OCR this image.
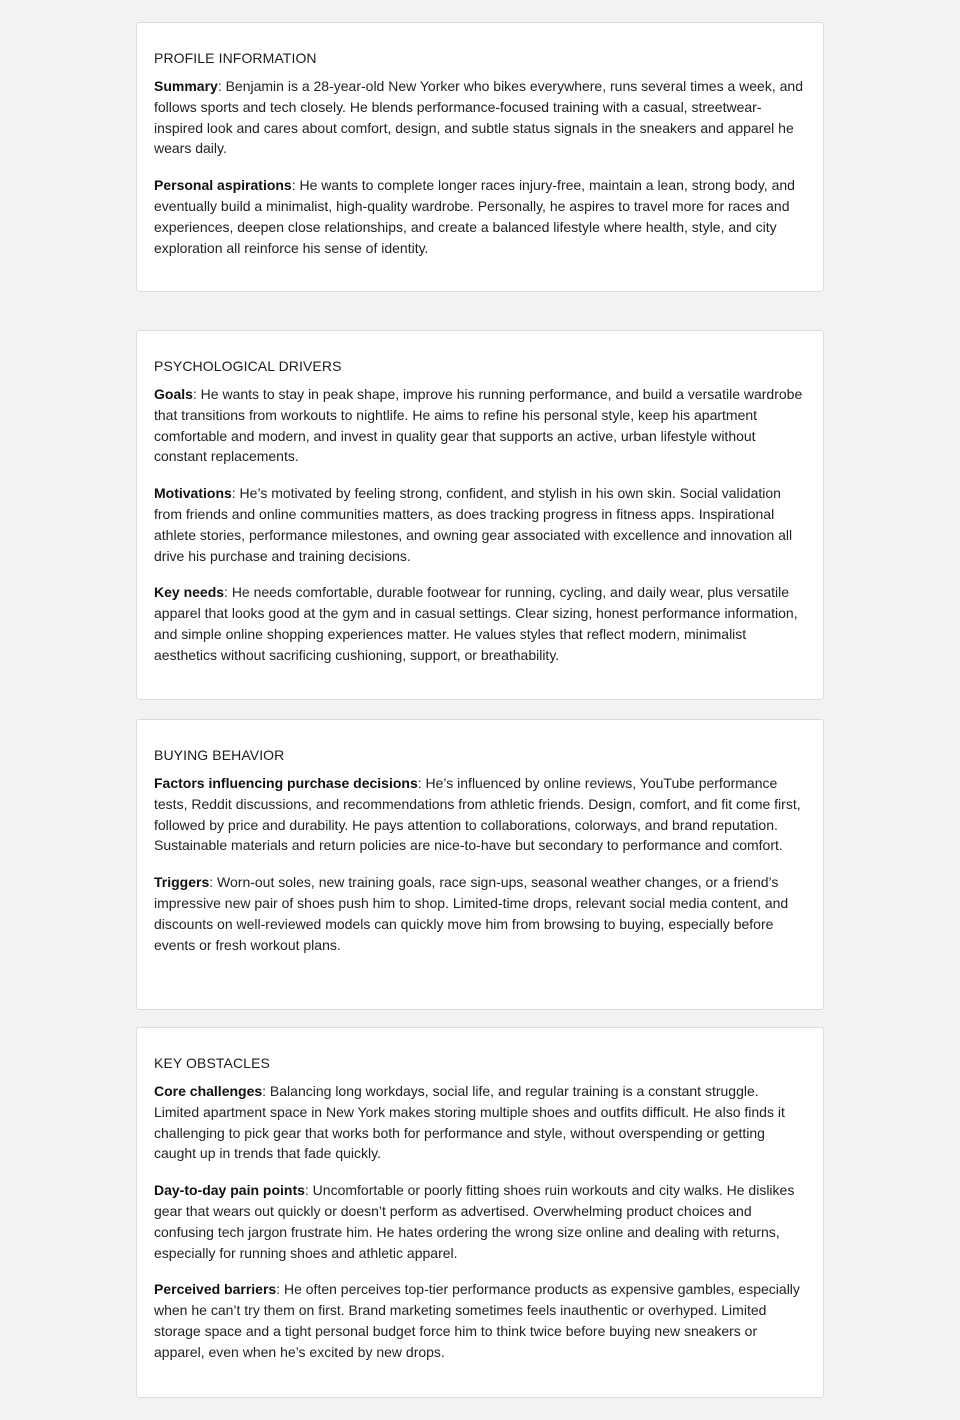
PROFILE INFORMATION

Summary: Benjamin is a 28-year-old New Yorker who bikes everywhere, runs several times a week, and follows sports and tech closely. He blends performance-focused training with a casual, streetwear-inspired look and cares about comfort, design, and subtle status signals in the sneakers and apparel he wears daily.

Personal aspirations: He wants to complete longer races injury-free, maintain a lean, strong body, and eventually build a minimalist, high-quality wardrobe. Personally, he aspires to travel more for races and experiences, deepen close relationships, and create a balanced lifestyle where health, style, and city exploration all reinforce his sense of identity.

PSYCHOLOGICAL DRIVERS

Goals: He wants to stay in peak shape, improve his running performance, and build a versatile wardrobe that transitions from workouts to nightlife. He aims to refine his personal style, keep his apartment comfortable and modern, and invest in quality gear that supports an active, urban lifestyle without constant replacements.

Motivations: He’s motivated by feeling strong, confident, and stylish in his own skin. Social validation from friends and online communities matters, as does tracking progress in fitness apps. Inspirational athlete stories, performance milestones, and owning gear associated with excellence and innovation all drive his purchase and training decisions.

Key needs: He needs comfortable, durable footwear for running, cycling, and daily wear, plus versatile apparel that looks good at the gym and in casual settings. Clear sizing, honest performance information, and simple online shopping experiences matter. He values styles that reflect modern, minimalist aesthetics without sacrificing cushioning, support, or breathability.

BUYING BEHAVIOR

Factors influencing purchase decisions: He’s influenced by online reviews, YouTube performance tests, Reddit discussions, and recommendations from athletic friends. Design, comfort, and fit come first, followed by price and durability. He pays attention to collaborations, colorways, and brand reputation. Sustainable materials and return policies are nice-to-have but secondary to performance and comfort.

Triggers: Worn-out soles, new training goals, race sign-ups, seasonal weather changes, or a friend’s impressive new pair of shoes push him to shop. Limited-time drops, relevant social media content, and discounts on well-reviewed models can quickly move him from browsing to buying, especially before events or fresh workout plans.

KEY OBSTACLES

Core challenges: Balancing long workdays, social life, and regular training is a constant struggle. Limited apartment space in New York makes storing multiple shoes and outfits difficult. He also finds it challenging to pick gear that works both for performance and style, without overspending or getting caught up in trends that fade quickly.

Day-to-day pain points: Uncomfortable or poorly fitting shoes ruin workouts and city walks. He dislikes gear that wears out quickly or doesn’t perform as advertised. Overwhelming product choices and confusing tech jargon frustrate him. He hates ordering the wrong size online and dealing with returns, especially for running shoes and athletic apparel.

Perceived barriers: He often perceives top-tier performance products as expensive gambles, especially when he can’t try them on first. Brand marketing sometimes feels inauthentic or overhyped. Limited storage space and a tight personal budget force him to think twice before buying new sneakers or apparel, even when he’s excited by new drops.
